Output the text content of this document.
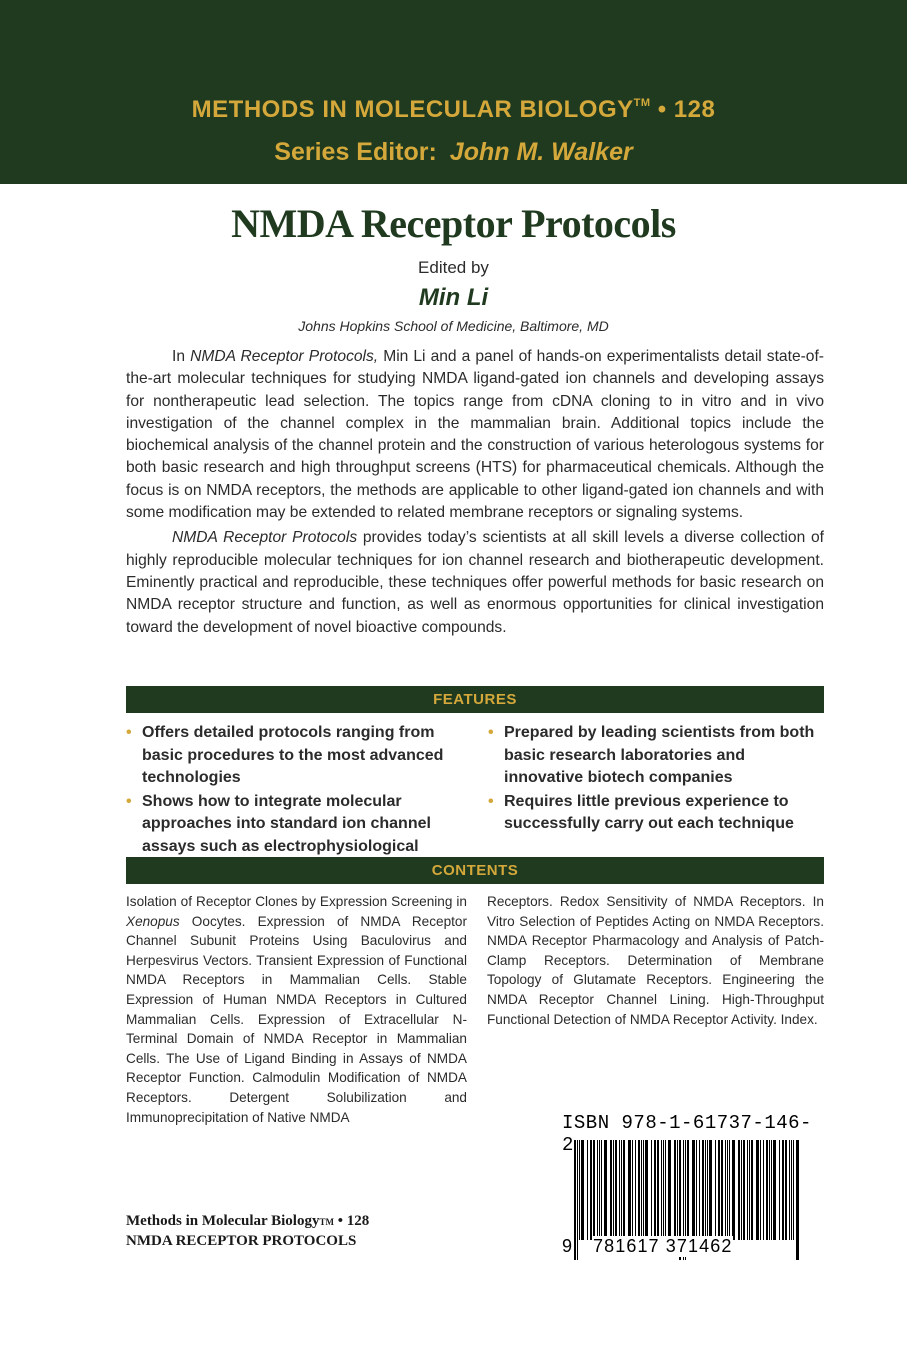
METHODS IN MOLECULAR BIOLOGY™ • 128
Series Editor: John M. Walker
NMDA Receptor Protocols
Edited by
Min Li
Johns Hopkins School of Medicine, Baltimore, MD

In NMDA Receptor Protocols, Min Li and a panel of hands-on experimentalists detail state-of-the-art molecular techniques for studying NMDA ligand-gated ion channels and developing assays for nontherapeutic lead selection. The topics range from cDNA cloning to in vitro and in vivo investigation of the channel complex in the mammalian brain. Additional topics include the biochemical analysis of the channel protein and the construction of various heterologous systems for both basic research and high throughput screens (HTS) for pharmaceutical chemicals. Although the focus is on NMDA receptors, the methods are applicable to other ligand-gated ion channels and with some modification may be extended to related membrane receptors or signaling systems.

NMDA Receptor Protocols provides today’s scientists at all skill levels a diverse collection of highly reproducible molecular techniques for ion channel research and biotherapeutic development. Eminently practical and reproducible, these techniques offer powerful methods for basic research on NMDA receptor structure and function, as well as enormous opportunities for clinical investigation toward the development of novel bioactive compounds.

FEATURES
• Offers detailed protocols ranging from basic procedures to the most advanced technologies
• Shows how to integrate molecular approaches into standard ion channel assays such as electrophysiological
• Prepared by leading scientists from both basic research laboratories and innovative biotech companies
• Requires little previous experience to successfully carry out each technique
CONTENTS
Isolation of Receptor Clones by Expression Screening in Xenopus Oocytes. Expression of NMDA Receptor Channel Subunit Proteins Using Baculovirus and Herpesvirus Vectors. Transient Expression of Functional NMDA Receptors in Mammalian Cells. Stable Expression of Human NMDA Receptors in Cultured Mammalian Cells. Expression of Extracellular N-Terminal Domain of NMDA Receptor in Mammalian Cells. The Use of Ligand Binding in Assays of NMDA Receptor Function. Calmodulin Modification of NMDA Receptors. Detergent Solubilization and Immunoprecipitation of Native NMDA
Receptors. Redox Sensitivity of NMDA Receptors. In Vitro Selection of Peptides Acting on NMDA Receptors. NMDA Receptor Pharmacology and Analysis of Patch-Clamp Receptors. Determination of Membrane Topology of Glutamate Receptors. Engineering the NMDA Receptor Channel Lining. High-Throughput Functional Detection of NMDA Receptor Activity. Index.
ISBN 978-1-61737-146-2
9 781617 371462
Methods in Molecular BiologyTM • 128
NMDA RECEPTOR PROTOCOLS
